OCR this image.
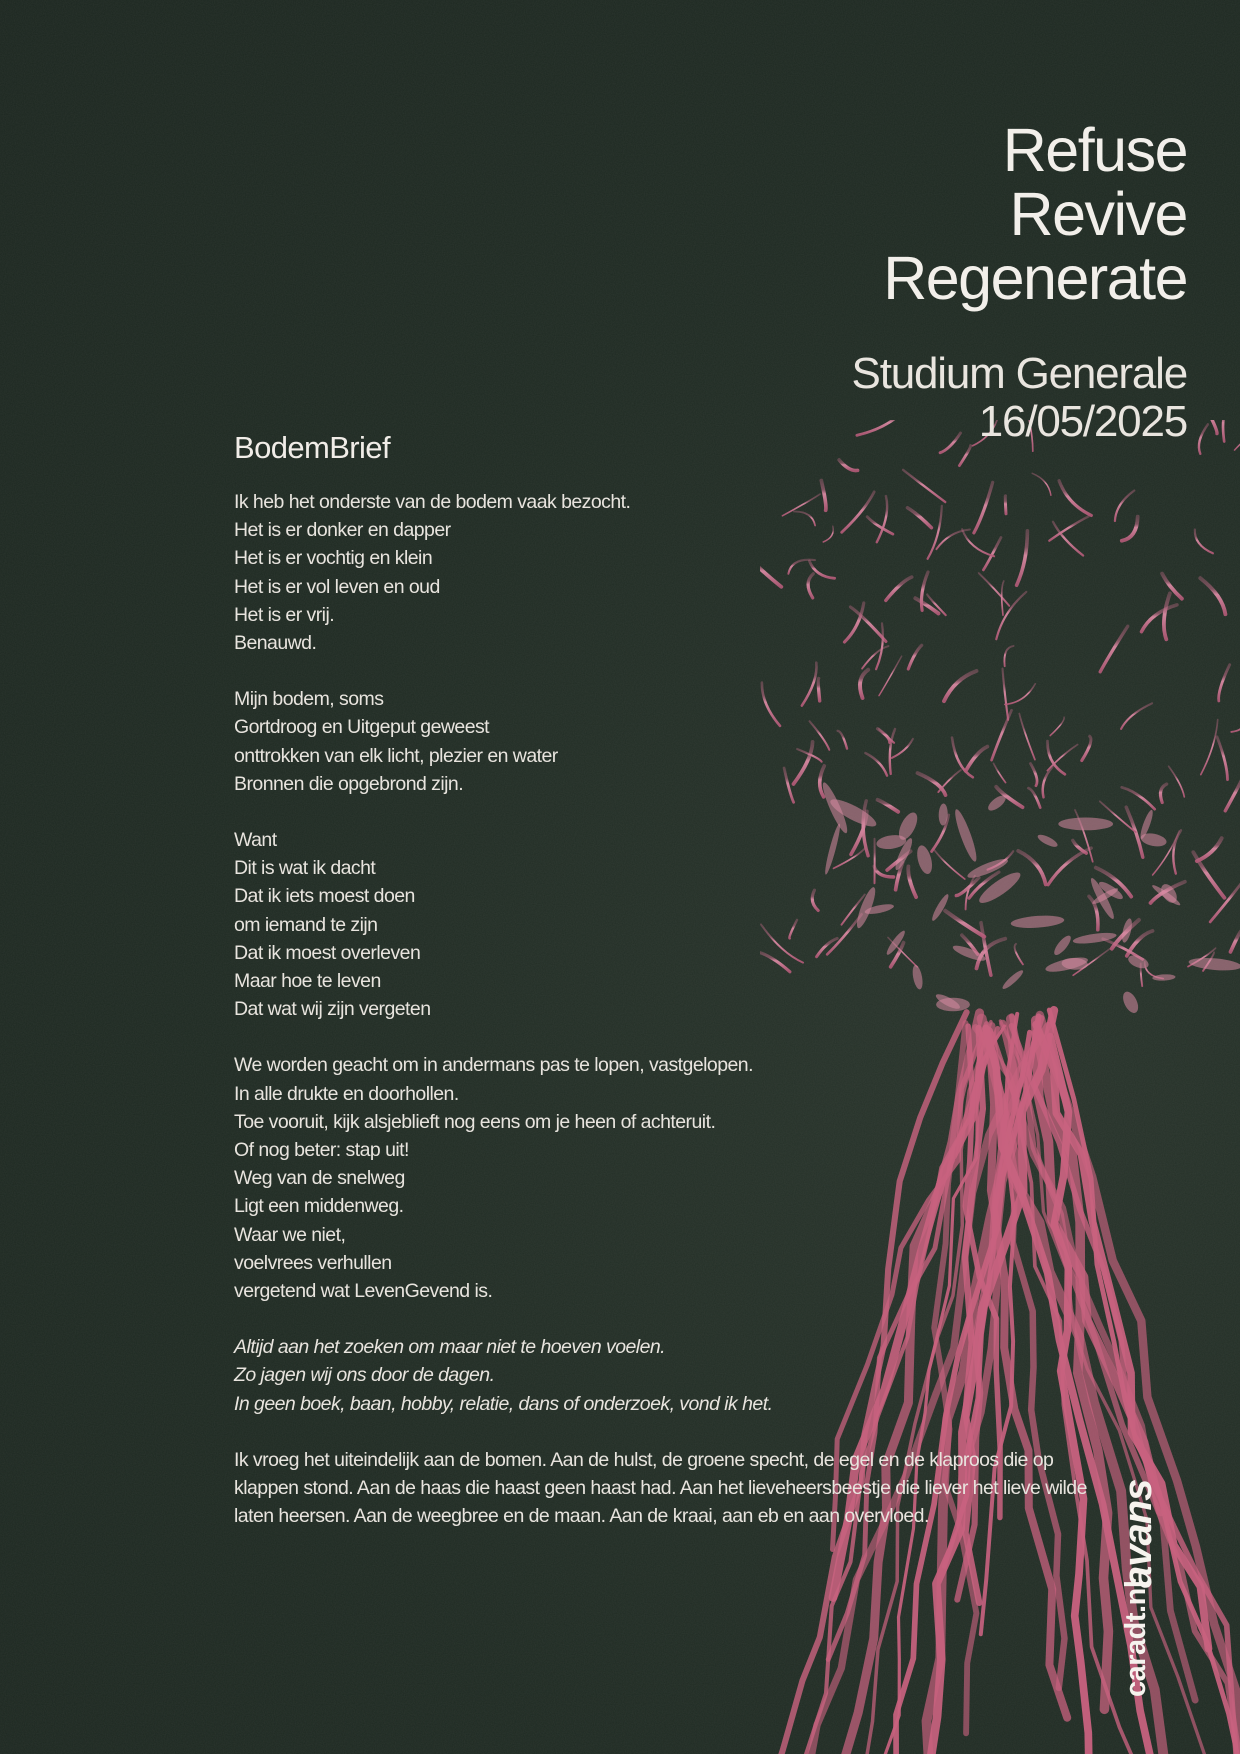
Refuse
Revive
Regenerate
Studium Generale
16/05/2025
BodemBrief
Ik heb het onderste van de bodem vaak bezocht.
Het is er donker en dapper
Het is er vochtig en klein
Het is er vol leven en oud
Het is er vrij.
Benauwd.
Mijn bodem, soms
Gortdroog en Uitgeput geweest
onttrokken van elk licht, plezier en water
Bronnen die opgebrond zijn.
Want
Dit is wat ik dacht
Dat ik iets moest doen
om iemand te zijn
Dat ik moest overleven
Maar hoe te leven
Dat wat wij zijn vergeten
We worden geacht om in andermans pas te lopen, vastgelopen.
In alle drukte en doorhollen.
Toe vooruit, kijk alsjeblieft nog eens om je heen of achteruit.
Of nog beter: stap uit!
Weg van de snelweg
Ligt een middenweg.
Waar we niet,
voelvrees verhullen
vergetend wat LevenGevend is.
Altijd aan het zoeken om maar niet te hoeven voelen.
Zo jagen wij ons door de dagen.
In geen boek, baan, hobby, relatie, dans of onderzoek, vond ik het.

Ik vroeg het uiteindelijk aan de bomen. Aan de hulst, de groene specht, de egel en de klaproos die op klappen stond. Aan de haas die haast geen haast had. Aan het lieveheersbeestje die liever het lieve wilde laten heersen. Aan de weegbree en de maan. Aan de kraai, aan eb en aan overvloed.	avans
caradt.nl
